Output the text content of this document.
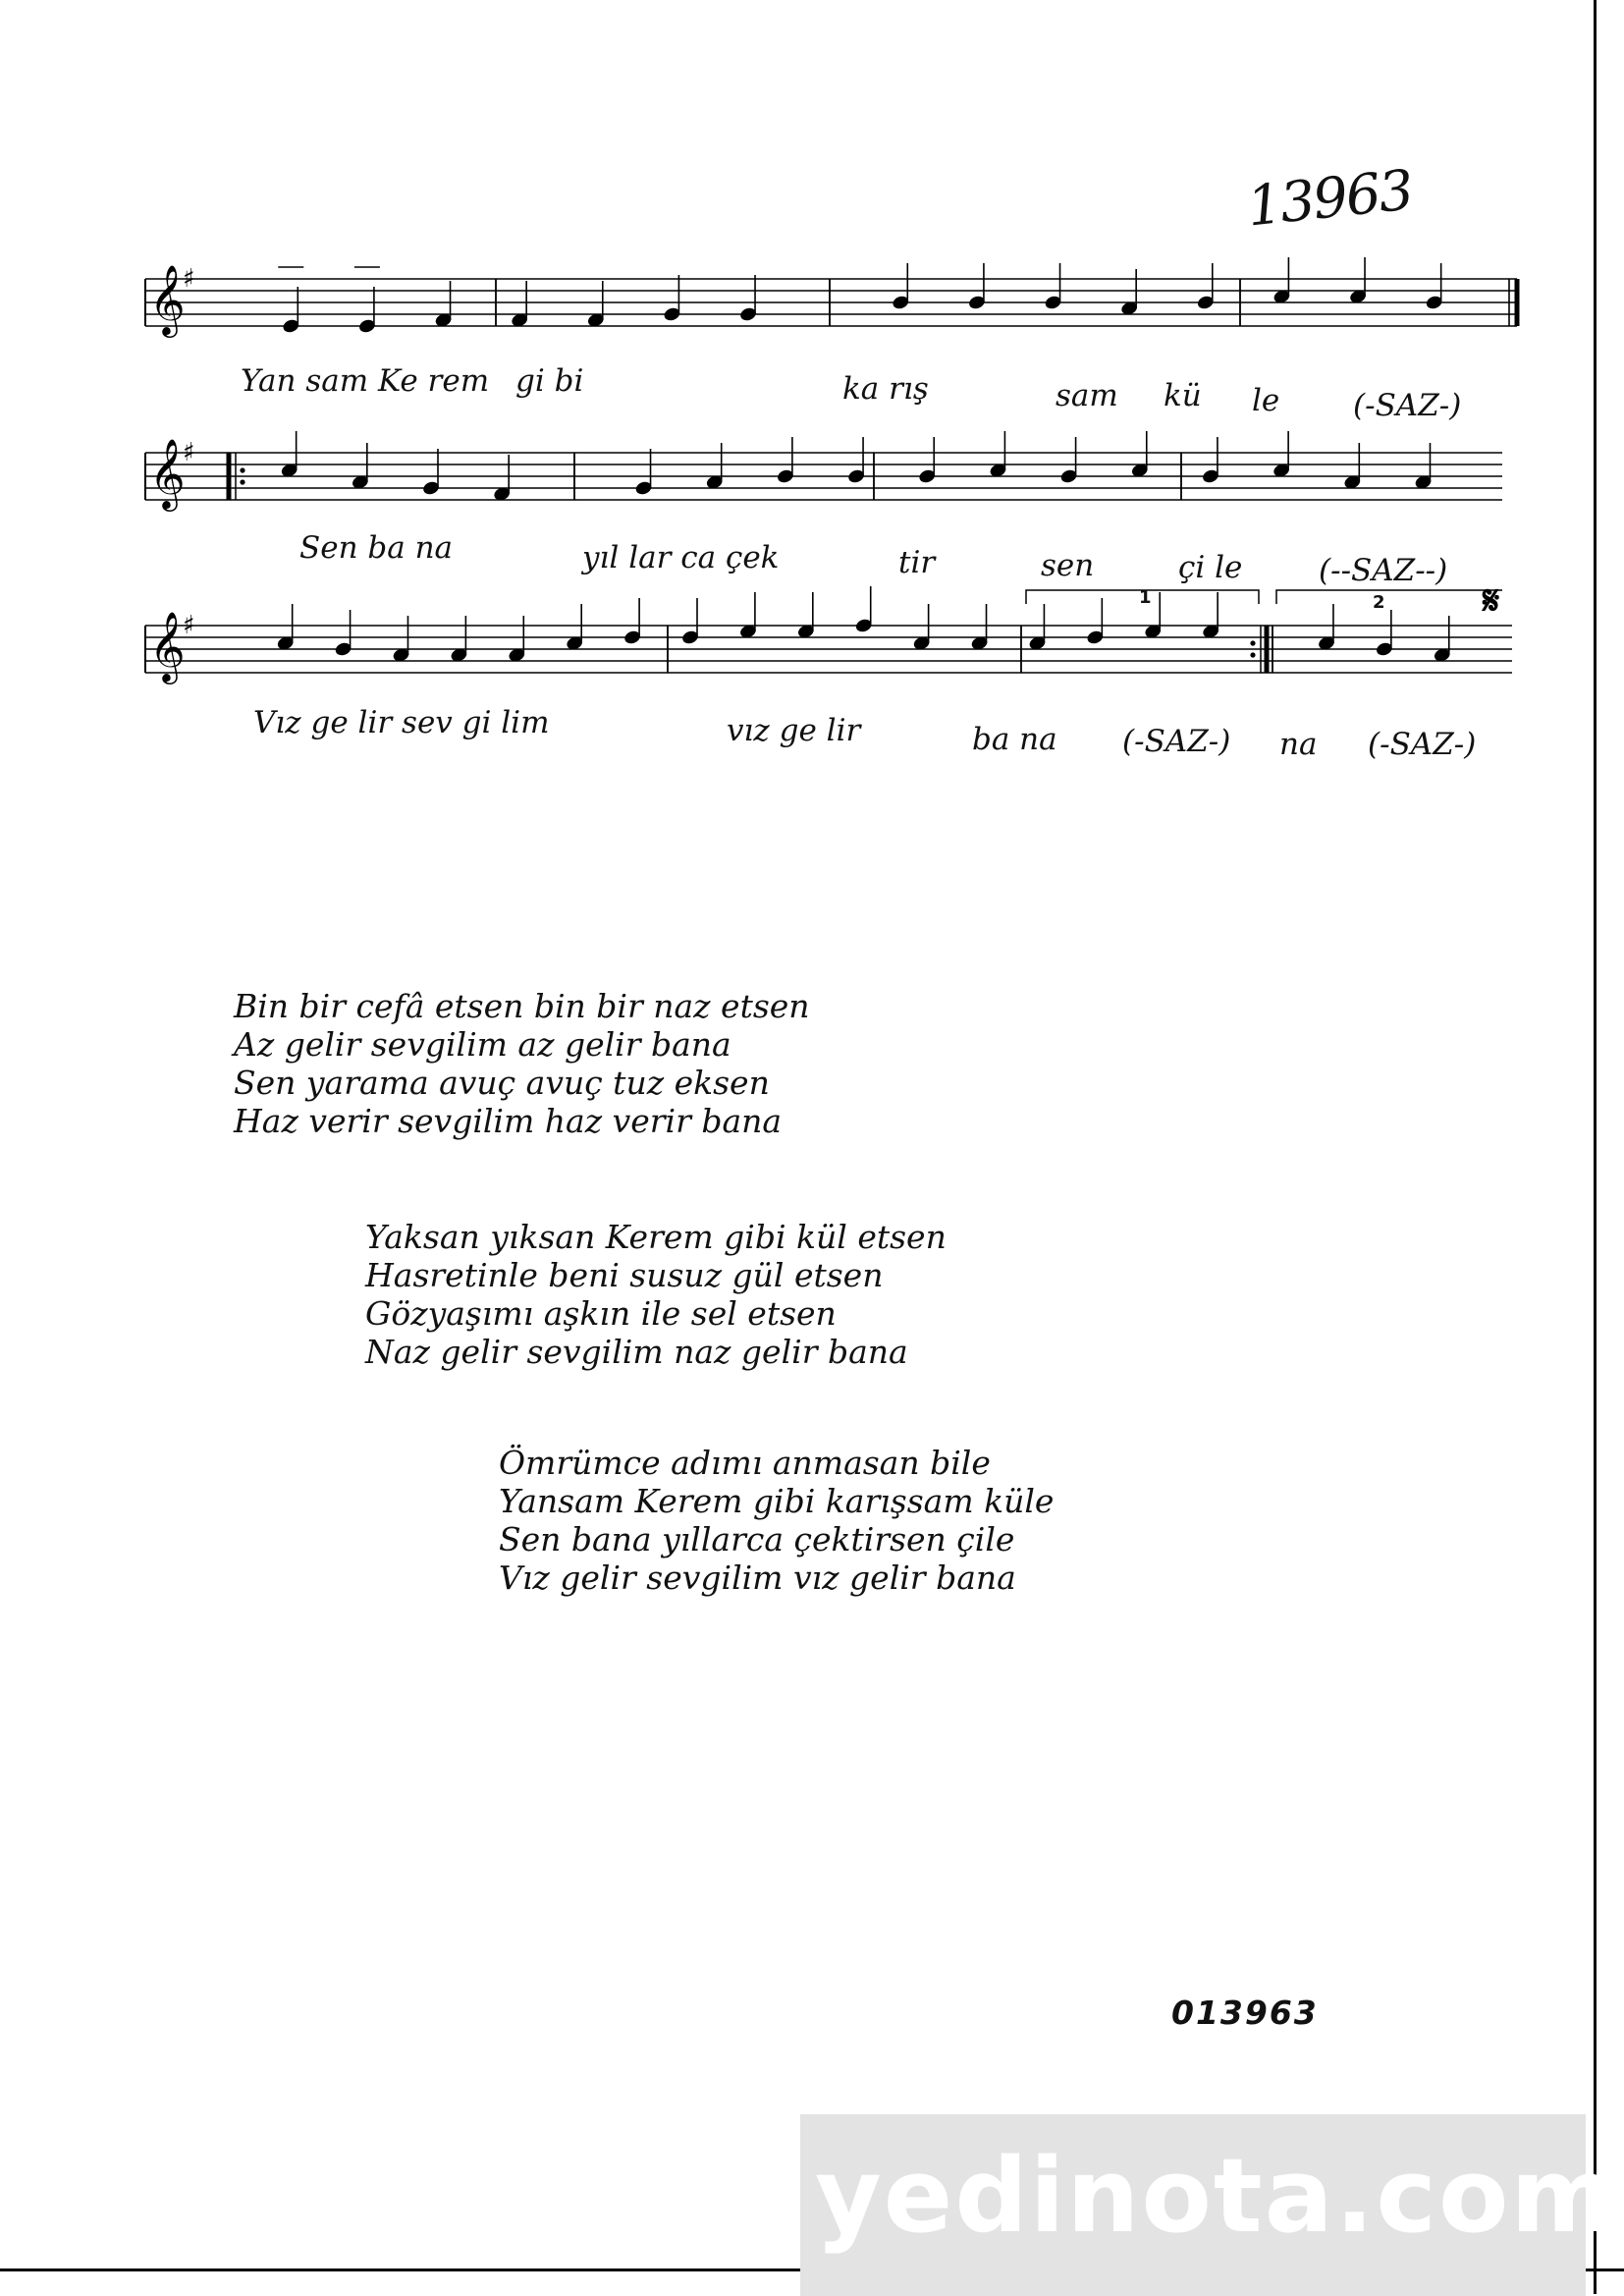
13963
𝄞
♯
𝄞
♯
𝄞
♯
𝄋
Yan sam Ke rem gi bi	ka rış	sam kü le (-SAZ-)
Sen ba na	yıl lar ca çek	tir	sen	çi le	(--SAZ--)
Vız ge lir sev gi lim	vız ge lir	ba na (-SAZ-) na (-SAZ-)
1	2
Bin bir cefâ etsen bin bir naz etsen
Az gelir sevgilim az gelir bana
Sen yarama avuç avuç tuz eksen
Haz verir sevgilim haz verir bana
Yaksan yıksan Kerem gibi kül etsen
Hasretinle beni susuz gül etsen
Gözyaşımı aşkın ile sel etsen
Naz gelir sevgilim naz gelir bana
Ömrümce adımı anmasan bile
Yansam Kerem gibi karışsam küle
Sen bana yıllarca çektirsen çile
Vız gelir sevgilim vız gelir bana
013963
yedinota.com
